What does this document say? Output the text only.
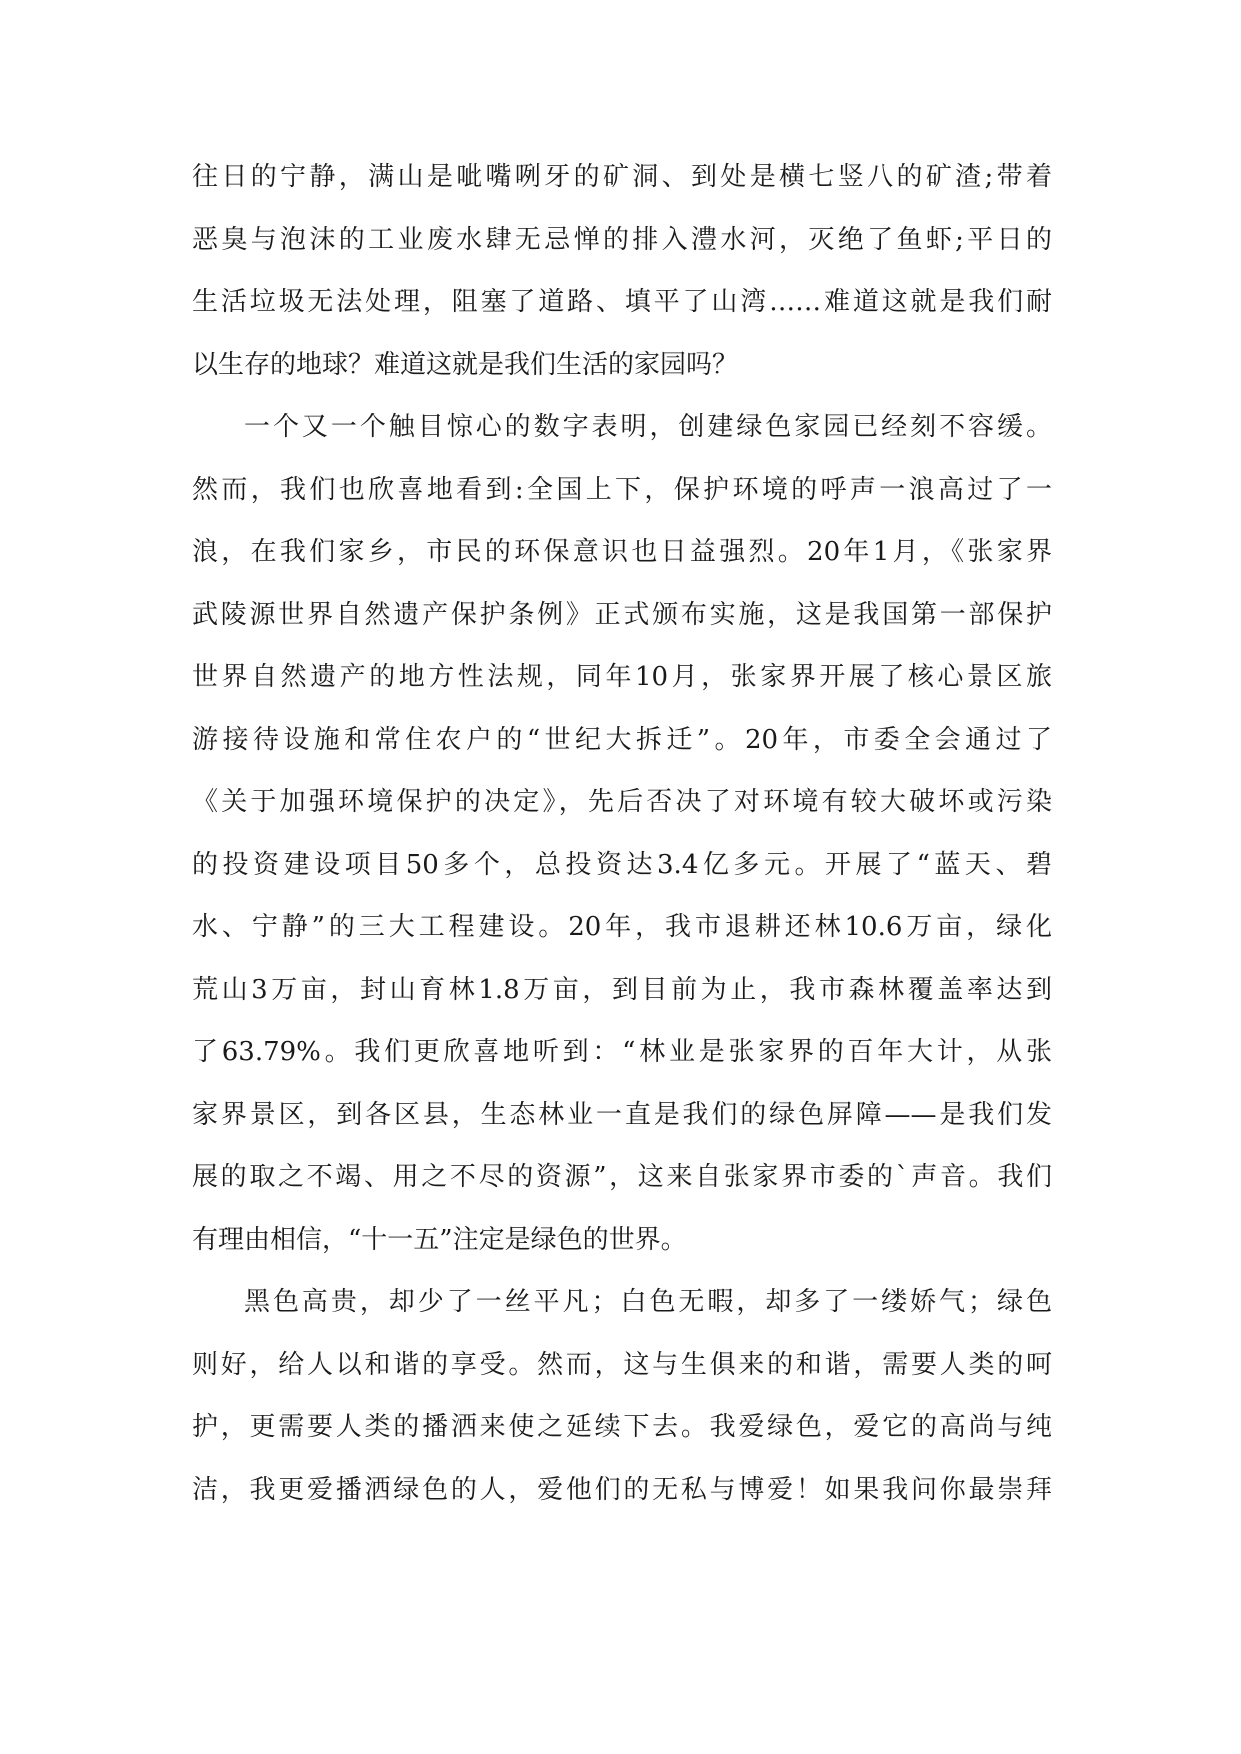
往日的宁静，满山是呲嘴咧牙的矿洞、到处是横七竖八的矿渣;带着
恶臭与泡沫的工业废水肆无忌惮的排入澧水河，灭绝了鱼虾;平日的
生活垃圾无法处理，阻塞了道路、填平了山湾……难道这就是我们耐
以生存的地球？难道这就是我们生活的家园吗？
一个又一个触目惊心的数字表明，创建绿色家园已经刻不容缓。
然而，我们也欣喜地看到:全国上下，保护环境的呼声一浪高过了一
浪，在我们家乡，市民的环保意识也日益强烈。20年1月，《张家界
武陵源世界自然遗产保护条例》正式颁布实施，这是我国第一部保护
世界自然遗产的地方性法规，同年10月，张家界开展了核心景区旅
游接待设施和常住农户的“世纪大拆迁”。20年，市委全会通过了
《关于加强环境保护的决定》，先后否决了对环境有较大破坏或污染
的投资建设项目50多个，总投资达3.4亿多元。开展了“蓝天、碧
水、宁静”的三大工程建设。20年，我市退耕还林10.6万亩，绿化
荒山3万亩，封山育林1.8万亩，到目前为止，我市森林覆盖率达到
了63.79%。我们更欣喜地听到：“林业是张家界的百年大计，从张
家界景区，到各区县，生态林业一直是我们的绿色屏障——是我们发
展的取之不竭、用之不尽的资源”，这来自张家界市委的`声音。我们
有理由相信，“十一五”注定是绿色的世界。
黑色高贵，却少了一丝平凡；白色无暇，却多了一缕娇气；绿色
则好，给人以和谐的享受。然而，这与生俱来的和谐，需要人类的呵
护，更需要人类的播洒来使之延续下去。我爱绿色，爱它的高尚与纯
洁，我更爱播洒绿色的人，爱他们的无私与博爱！如果我问你最崇拜
